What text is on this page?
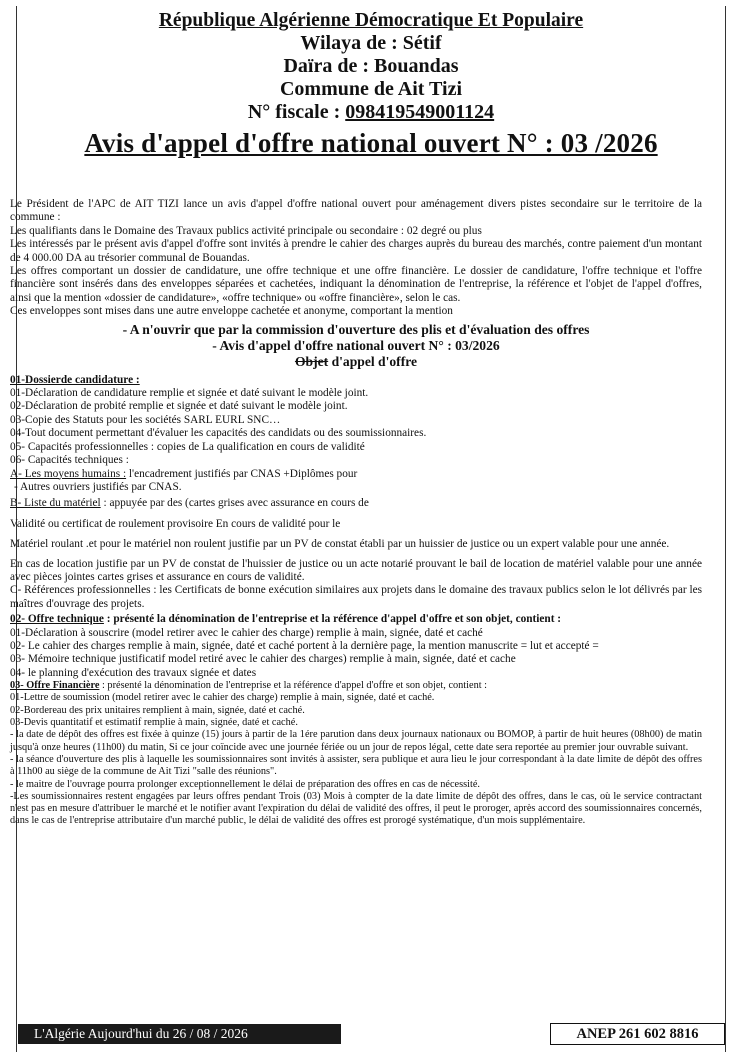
République Algérienne Démocratique Et Populaire
Wilaya de : Sétif
Daïra de : Bouandas
Commune de Ait Tizi
N° fiscale : 098419549001124
Avis d'appel d'offre national ouvert N° : 03 /2026

Le Président de l'APC de AIT TIZI lance un avis d'appel d'offre national ouvert pour aménagement divers pistes secondaire sur le territoire de la commune :

Les qualifiants dans le Domaine des Travaux publics activité principale ou secondaire : 02 degré ou plus

Les intéressés par le présent avis d'appel d'offre sont invités à prendre le cahier des charges auprès du bureau des marchés, contre paiement d'un montant de 4 000.00 DA au trésorier communal de Bouandas.

Les offres comportant un dossier de candidature, une offre technique et une offre financière. Le dossier de candidature, l'offre technique et l'offre financière sont insérés dans des enveloppes séparées et cachetées, indiquant la dénomination de l'entreprise, la référence et l'objet de l'appel d'offres, ainsi que la mention «dossier de candidature», «offre technique» ou «offre financière», selon le cas.

Ces enveloppes sont mises dans une autre enveloppe cachetée et anonyme, comportant la mention

- A n'ouvrir que par la commission d'ouverture des plis et d'évaluation des offres

- Avis d'appel d'offre national ouvert N° : 03/2026

Objet d'appel d'offre

01-Dossierde candidature :

01-Déclaration de candidature remplie et signée et daté suivant le modèle joint.

02-Déclaration de probité remplie et signée et daté suivant le modèle joint.

03-Copie des Statuts pour les sociétés SARL EURL SNC…

04-Tout document permettant d'évaluer les capacités des candidats ou des soumissionnaires.

05- Capacités professionnelles : copies de La qualification en cours de validité

06- Capacités techniques :

A- Les moyens humains : l'encadrement justifiés par CNAS +Diplômes pour

- Autres ouvriers justifiés par CNAS.

B- Liste du matériel : appuyée par des (cartes grises avec assurance en cours de

Validité ou certificat de roulement provisoire En cours de validité pour le

Matériel roulant .et pour le matériel non roulent justifie par un PV de constat établi par un huissier de justice ou un expert valable pour une année.

En cas de location justifie par un PV de constat de l'huissier de justice ou un acte notarié prouvant le bail de location de matériel valable pour une année avec pièces jointes cartes grises et assurance en cours de validité.

C- Références professionnelles : les Certificats de bonne exécution similaires aux projets dans le domaine des travaux publics selon le lot délivrés par les maîtres d'ouvrage des projets.

02- Offre technique : présenté la dénomination de l'entreprise et la référence d'appel d'offre et son objet, contient :

01-Déclaration à souscrire (model retirer avec le cahier des charge) remplie à main, signée, daté et caché

02- Le cahier des charges remplie à main, signée, daté et caché portent à la dernière page, la mention manuscrite = lut et accepté =

03- Mémoire technique justificatif model retiré avec le cahier des charges) remplie à main, signée, daté et cache

04- le planning d'exécution des travaux signée et dates

03- Offre Financière : présenté la dénomination de l'entreprise et la référence d'appel d'offre et son objet, contient :

01-Lettre de soumission (model retirer avec le cahier des charge) remplie à main, signée, daté et caché.

02-Bordereau des prix unitaires remplient à main, signée, daté et caché.

03-Devis quantitatif et estimatif remplie à main, signée, daté et caché.

- la date de dépôt des offres est fixée à quinze (15) jours à partir de la 1ére parution dans deux journaux nationaux ou BOMOP, à partir de huit heures (08h00) de matin jusqu'à onze heures (11h00) du matin, Si ce jour coïncide avec une journée fériée ou un jour de repos légal, cette date sera reportée au premier jour ouvrable suivant.

- la séance d'ouverture des plis à laquelle les soumissionnaires sont invités à assister, sera publique et aura lieu le jour correspondant à la date limite de dépôt des offres à 11h00 au siège de la commune de Ait Tizi "salle des réunions".

- le maitre de l'ouvrage pourra prolonger exceptionnellement le délai de préparation des offres en cas de nécessité.

-Les soumissionnaires restent engagées par leurs offres pendant Trois (03) Mois à compter de la date limite de dépôt des offres, dans le cas, où le service contractant n'est pas en mesure d'attribuer le marché et le notifier avant l'expiration du délai de validité des offres, il peut le proroger, après accord des soumissionnaires concernés, dans le cas de l'entreprise attributaire d'un marché public, le délai de validité des offres est prorogé systématique, d'un mois supplémentaire.

L'Algérie Aujourd'hui du 26 / 08 / 2026	ANEP 261 602 8816
